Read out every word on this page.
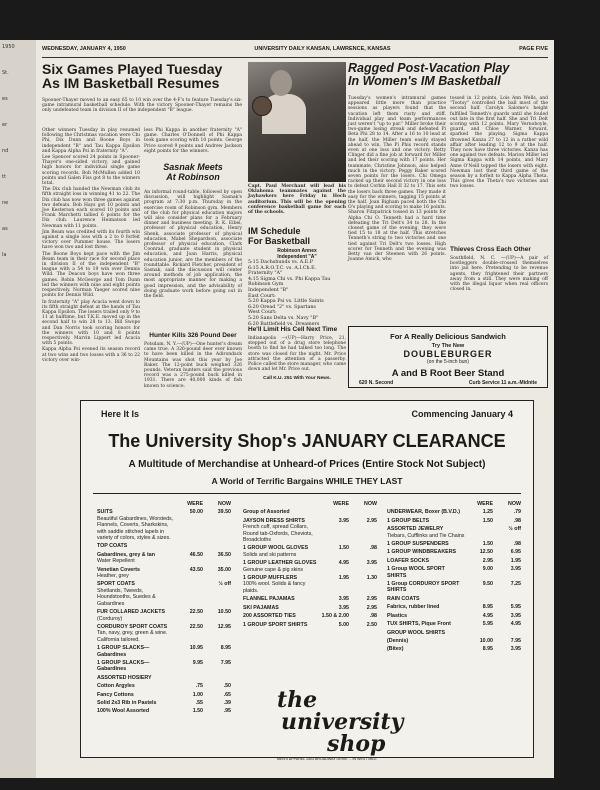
1950
St.
es
er
nd
tt
ne
as
la
WEDNESDAY, JANUARY 4, 1950	UNIVERSITY DAILY KANSAN, LAWRENCE, KANSAS	PAGE FIVE
Six Games Played Tuesday
As IM Basketball Resumes
Spooner-Thayer moved to an easy 65 to 10 win over the 4-F's to feature Tuesday's six-game intramural basketball schedule. With the victory Spooner-Thayer remains the only undefeated team in division II of the independent "B" league.

Other winners Tuesday in play resumed following the Christmas vacation were Chi Phi, Dix Dunn and Boone Boys in independent "B" and Tau Kappa Epsilon and Kappa Alpha Psi in fraternity "A".

Lee Spencer scored 24 points in Spooner-Thayer's one-sided victory, and gained high honors for individual single game scoring records. Bob McMullen added 10 points and Galen Fiss got 8 to the winners total.

The Dix club handed the Newman club its fifth straight loss in winning 41 to 22. The Dix club has now won three games against two defeats. Bob Hays got 10 points and Joe Kesterson each scored 10 points and Frank Marchetti tallied 6 points for the Dix club. Laurence Heimatson led Newman with 11 points.

Jim Beam was credited with its fourth win against a single loss with a 2 to 0 forfeit victory over Pummer house. The losers have won two and lost three.

The Boone Boys kept pace with the Jim Beam team in their race for second place in division II of the independent "B" league with a 54 to 19 win over Dennis Wild. The Deacon boys have won three games. Robin McGeorge and Tom Dunn led the winners with nine and eight points respectively. Norman Yaeger scored nine points for Dennis Wild.

In fraternity "A" play Acacia went down to its fifth straight defeat at the hands of Tau Kappa Epsilon. The losers trailed only 9 to 11 at halftime, but T.K.E. moved up in the second half to win 28 to 13. Bill Swope and Dan Norris took scoring honors for the winners with 10 and 8 points respectively. Marvin Lippert led Acacia with 5 points.

Kappa Alpha Psi evened its season record at two wins and two losses with a 36 to 22 victory over win-

less Phi Kappa in another fraternity "A" game. Charles O'Donnell of Phi Kappa took game scoring with 10 points. George Price scored 9 points and Andrew Jackson eight points for the winners.
Sasnak Meets
At Robinson
An informal round-table, followed by open discussion, will highlight Sasnak's program at 7:30 p.m. Thursday in the exercise room of Robinson gym. Members of the club for physical education majors will also consider plans for a February dinner and business meeting. R. K. Eibel, professor of physical education, Henry Shenk, associate professor of physical education, Mabel Shepardson, associate professor of physical education, Clark Coonrad, graduate student in physical education, and Joan Harris, physical education junior, are the members of the roundtable. Rickard Fletcher, president of Sasnak, said the discussion will center around methods of job application, the most appropriate manner for making a good impression, and the advisability of doing graduate work before going out in the field.
Hunter Kills 326 Pound Deer
Potsdam, N. Y.—(UP)—One hunter's dream came true. A 326-pound deer ever known to have been killed in the Adirondack Mountains was shot this year by Joe Baker. The 12-point buck weighed 326 pounds. Veteran hunters said the previous record was a 275-pound buck killed in 1931. There are 40,000 kinds of fish known to science.
Capt. Paul Merchant will lead his Oklahoma teammates against the Jayhawkers here Friday in Hoch auditorium. This will be the opening conference basketball game for each of the schools.
IM Schedule
For Basketball
Robinson Annex
Independent "A"
5:15 Dachshunds vs. A.E.P
6:15 A.R.O.T.C. vs. A.I.Ch.E.
Fraternity "A"
4:15 Sigma Chi vs. Phi Kappa Tau
Robinson Gym
Independent "B"
East Court:
5:20 Kappa Psi vs. Little Saints
6:20 Oread "2" vs. Spartans
West Court:
5:20 Sans Delta vs. Navy "B"
6:20 Battlefield vs. Dreamers
He'll Limit His Cell Next Time
Indianapolis —(UP)—Harry Price, 21, stepped out of a drug store telephone booth to find he had talked too long. The store was closed for the night. Mr. Price attracted the attention of a passerby. Police called the store manager, who came down and let Mr. Price out.
Call K.U. 251 With Your News.
Ragged Post-Vacation Play
In Women's IM Basketball
Tuesday's women's intramural games appeared little more than practice sessions as players found that the vacation left them rusty and stiff. Individual play and team performances just weren't "up to par." Miller broke their two-game losing streak and defeated Pi Beta Phi 28 to 14. After a 16 to 10 lead at the half, the Miller team easily stayed ahead to win. The Pi Phis record stands even at one loss and one victory. Betty Clinger did a fine job at forward for Miller and led their scoring with 17 points. Her teammate, Christine Johnson, also helped much in the victory. Peggy Baker scored seven points for the losers. Chi Omega racked up their second victory in one loss to defeat Corbin Hall II 32 to 17. This sets the losers back three games. They made it easy for the winners, tagging 15 points at the half. Joan Bigham paced both the Chi O's playing and scoring to make 16 points. Sharon Fitzpatrick tossed in 13 points for Alpha Chi O. Tenneth had a hard time defeating the Tri Delt's 34 to 28. In the closest game of the evening, they were tied 15 to 18 at the half. This stretches Tenneth's string to two victories and one tied against Tri Delt's two losses. High scorer for Tenneth and the evening was Betty van der Steenen with 26 points. Joanne Amick, who
tossed in 12 points, Lois Ann Wells, and "Tootsy" controlled the ball most of the second half. Carolyn Salome's height fulfilled Tenneth's guards until she fouled out late in the first half. She and Tri Delt scoring with 12 points. Mary Vernoboyle, guard, and Chloe Warner, forward, sparked the playing. Sigma Kappa drowned Kanza 27 to 12 in a rather wild affair after leading 12 to 9 at the half. They now have three victories. Kanza has one against two defeats. Marion Miller led Sigma Kappa with 14 points, and Mary Anne O'Neill topped the losers with eight. Newman lost their third game of the season by a forfeit to Kappa Alpha Theta. This gives the Theta's two victories and two losses.
Thieves Cross Each Other
Southfield, N. C. —(UP)—A pair of bootleggers double-crossed themselves into jail here. Pretending to be revenue agents, they frightened their partners away from a still. They were making off with the illegal liquor when real officers closed in.
For A Really Delicious Sandwich
Try The New
DOUBLEBURGER
(on the 5-inch bun)
A and B Root Beer Stand
620 N. Second	Curb Service 11 a.m.-Midnite
Here It Is	Commencing January 4
The University Shop's JANUARY CLEARANCE
A Multitude of Merchandise at Unheard-of Prices (Entire Stock Not Subject)
A World of Terrific Bargains WHILE THEY LAST
WERE	NOW
SUITS
Beautiful Gabardines, Worsteds, Flannels, Coverts, Sharkskins, with saddle stitched lapels in variety of colors, styles & sizes.
50.00	39.50
TOP COATS
Gabardines, grey & tan
Water Repellent
46.50	36.50
Venetian Coverts
Heather, grey
43.50	35.00
SPORT COATS
Shetlands, Tweeds, Houndstooths, Suedes & Gabardines
½ off
FUR COLLARED JACKETS
(Corduroy)
22.50	10.50
CORDUROY SPORT COATS
Tan, navy, grey, green & wine. California tailored.
22.50	12.95
1 GROUP SLACKS—Gabardines
10.95	8.95
1 GROUP SLACKS—Gabardines
9.95	7.95
ASSORTED HOSIERY
Cotton Argyles	.75	.50
Fancy Cottons	1.00	.65
Solid 2x3 Rib in Pastels	.55	.39
100% Wool Assorted	1.50	.95
WERE	NOW
Group of Assorted
JAYSON DRESS SHIRTS
French cuff, spread Collars, Round tab-Oxfords, Cheviots, Broadcloths
3.95	2.95
1 GROUP WOOL GLOVES
Solids and ski patterns
1.50	.98
1 GROUP LEATHER GLOVES
Genuine cape & pig skins
4.95	3.95
1 GROUP MUFFLERS
100% wool. Solids & fancy plaids.
1.95	1.30
FLANNEL PAJAMAS	3.95	2.95
SKI PAJAMAS	3.95	2.95
200 ASSORTED TIES	1.50 & 2.00	.98
1 GROUP SPORT SHIRTS	5.00	2.50
WERE	NOW
UNDERWEAR, Boxer (B.V.D.)	1.25	.79
1 GROUP BELTS	1.50	.98
ASSORTED JEWELRY
Tiebars, Cufflinks and Tie Chains
½ off
1 GROUP SUSPENDERS	1.50	.98
1 GROUP WINDBREAKERS	12.50	6.95
LOAFER SOCKS	2.95	1.95
1 Group WOOL SPORT SHIRTS
9.00	3.95
1 Group CORDUROY SPORT SHIRTS
9.50	7.25
RAIN COATS
Fabrics, rubber lined	8.95	5.95
Plastics	4.95	3.95
TUX SHIRTS, Pique Front	5.95	4.95
GROUP WOOL SHIRTS
(Dennis)	10.00	7.95
(Bitex)	8.95	3.95
the university
shop
MEN'S APPAREL 1403 BROADWAY DRIVE ... IN WEST MILE
